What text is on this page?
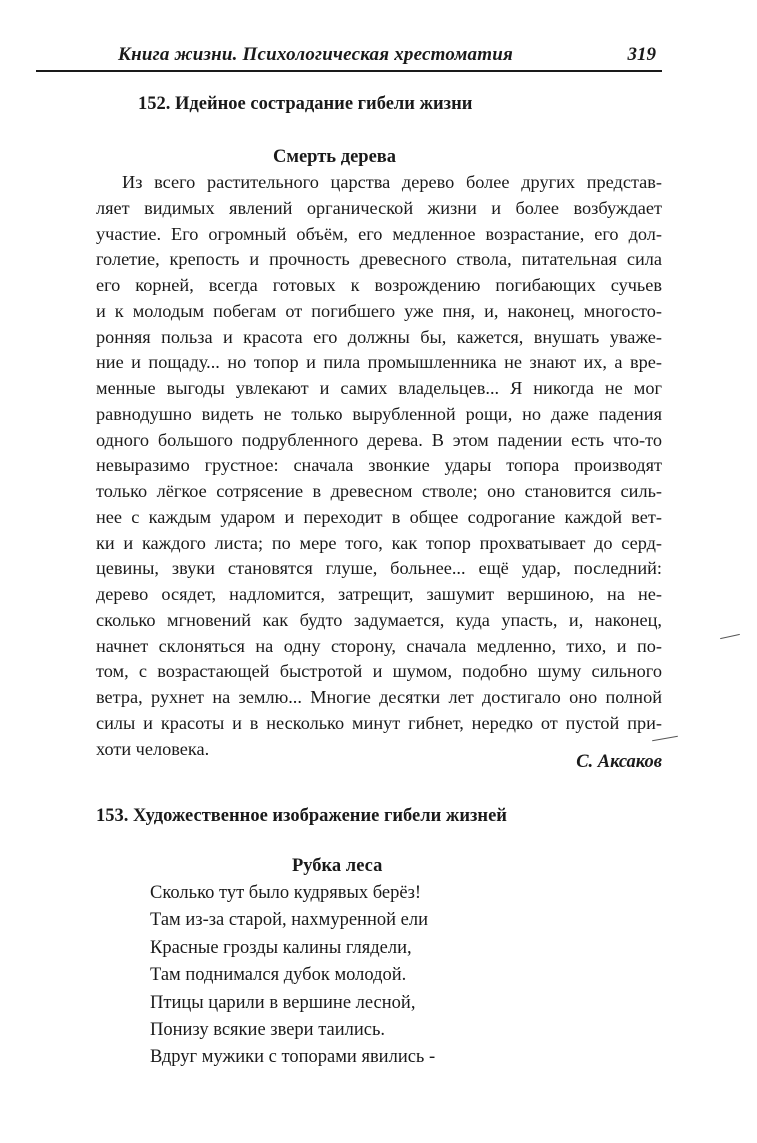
Книга жизни. Психологическая хрестоматия	319
152. Идейное сострадание гибели жизни
Смерть дерева
Из всего растительного царства дерево более других представ-
ляет видимых явлений органической жизни и более возбуждает
участие. Его огромный объём, его медленное возрастание, его дол-
голетие, крепость и прочность древесного ствола, питательная сила
его корней, всегда готовых к возрождению погибающих сучьев
и к молодым побегам от погибшего уже пня, и, наконец, многосто-
ронняя польза и красота его должны бы, кажется, внушать уваже-
ние и пощаду... но топор и пила промышленника не знают их, а вре-
менные выгоды увлекают и самих владельцев... Я никогда не мог
равнодушно видеть не только вырубленной рощи, но даже падения
одного большого подрубленного дерева. В этом падении есть что-то
невыразимо грустное: сначала звонкие удары топора производят
только лёгкое сотрясение в древесном стволе; оно становится силь-
нее с каждым ударом и переходит в общее содрогание каждой вет-
ки и каждого листа; по мере того, как топор прохватывает до серд-
цевины, звуки становятся глуше, больнее... ещё удар, последний:
дерево осядет, надломится, затрещит, зашумит вершиною, на не-
сколько мгновений как будто задумается, куда упасть, и, наконец,
начнет склоняться на одну сторону, сначала медленно, тихо, и по-
том, с возрастающей быстротой и шумом, подобно шуму сильного
ветра, рухнет на землю... Многие десятки лет достигало оно полной
силы и красоты и в несколько минут гибнет, нередко от пустой при-
хоти человека.
С. Аксаков
153. Художественное изображение гибели жизней
Рубка леса
Сколько тут было кудрявых берёз!
Там из-за старой, нахмуренной ели
Красные грозды калины глядели,
Там поднимался дубок молодой.
Птицы царили в вершине лесной,
Понизу всякие звери таились.
Вдруг мужики с топорами явились -
